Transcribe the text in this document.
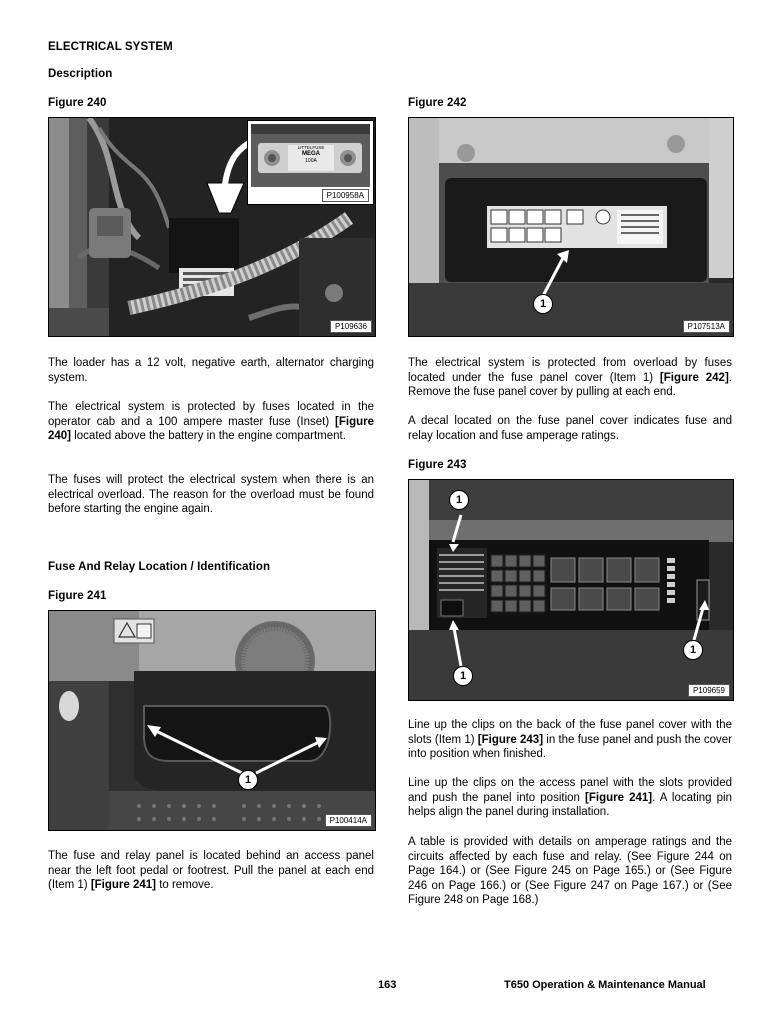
ELECTRICAL SYSTEM
Description
Figure 240
LITTELFUSE
MEGA
100A
P100958A
P109636
Figure 242
1
P107513A

The loader has a 12 volt, negative earth, alternator charging system.

The electrical system is protected by fuses located in the operator cab and a 100 ampere master fuse (Inset) [Figure 240] located above the battery in the engine compartment.

The fuses will protect the electrical system when there is an electrical overload. The reason for the overload must be found before starting the engine again.

Fuse And Relay Location / Identification
Figure 241
1
P100414A

The fuse and relay panel is located behind an access panel near the left foot pedal or footrest. Pull the panel at each end (Item 1) [Figure 241] to remove.

The electrical system is protected from overload by fuses located under the fuse panel cover (Item 1) [Figure 242]. Remove the fuse panel cover by pulling at each end.

A decal located on the fuse panel cover indicates fuse and relay location and fuse amperage ratings.

Figure 243
1
1
1
P109659

Line up the clips on the back of the fuse panel cover with the slots (Item 1) [Figure 243] in the fuse panel and push the cover into position when finished.

Line up the clips on the access panel with the slots provided and push the panel into position [Figure 241]. A locating pin helps align the panel during installation.

A table is provided with details on amperage ratings and the circuits affected by each fuse and relay. (See Figure 244 on Page 164.) or (See Figure 245 on Page 165.) or (See Figure 246 on Page 166.) or (See Figure 247 on Page 167.) or (See Figure 248 on Page 168.)

163	T650 Operation & Maintenance Manual
